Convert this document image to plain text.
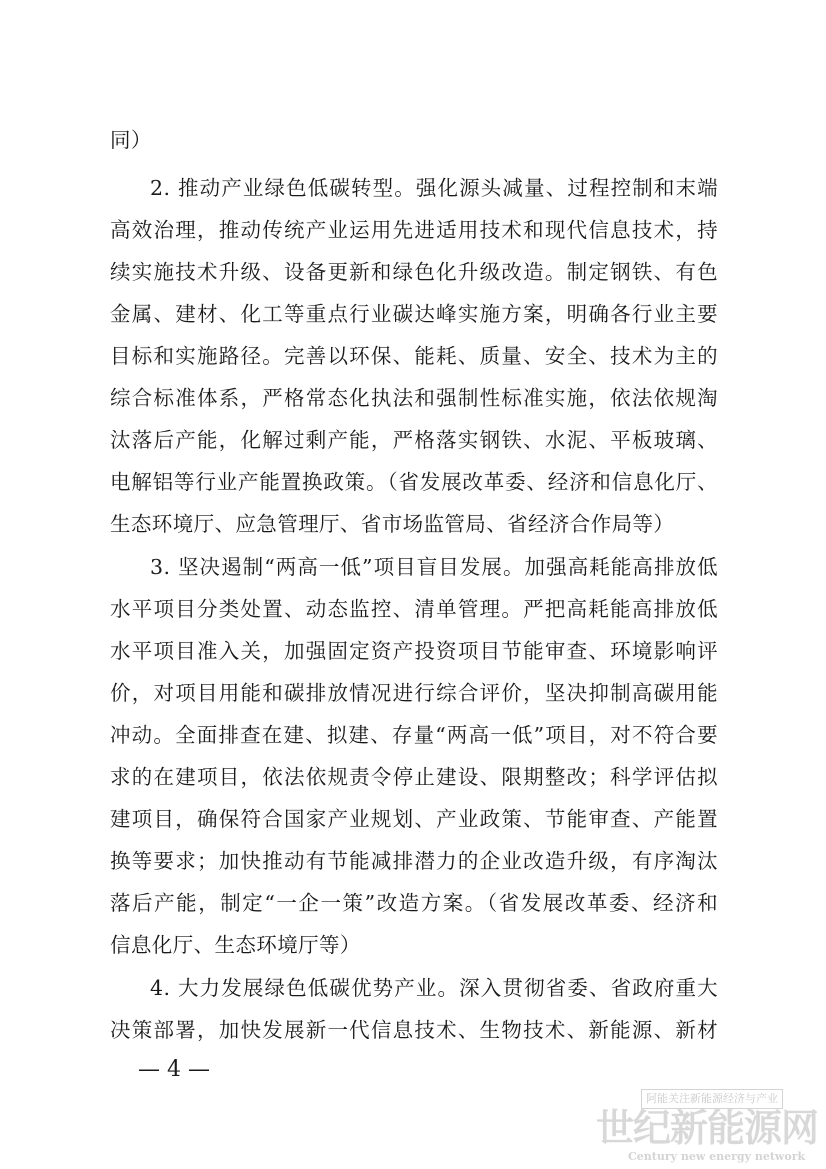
同）
2. 推动产业绿色低碳转型。强化源头减量、过程控制和末端
高效治理，推动传统产业运用先进适用技术和现代信息技术，持
续实施技术升级、设备更新和绿色化升级改造。制定钢铁、有色
金属、建材、化工等重点行业碳达峰实施方案，明确各行业主要
目标和实施路径。完善以环保、能耗、质量、安全、技术为主的
综合标准体系，严格常态化执法和强制性标准实施，依法依规淘
汰落后产能，化解过剩产能，严格落实钢铁、水泥、平板玻璃、
电解铝等行业产能置换政策。（省发展改革委、经济和信息化厅、
生态环境厅、应急管理厅、省市场监管局、省经济合作局等）
3. 坚决遏制“两高一低”项目盲目发展。加强高耗能高排放低
水平项目分类处置、动态监控、清单管理。严把高耗能高排放低
水平项目准入关，加强固定资产投资项目节能审查、环境影响评
价，对项目用能和碳排放情况进行综合评价，坚决抑制高碳用能
冲动。全面排查在建、拟建、存量“两高一低”项目，对不符合要
求的在建项目，依法依规责令停止建设、限期整改；科学评估拟
建项目，确保符合国家产业规划、产业政策、节能审查、产能置
换等要求；加快推动有节能减排潜力的企业改造升级，有序淘汰
落后产能，制定“一企一策”改造方案。（省发展改革委、经济和
信息化厅、生态环境厅等）
4. 大力发展绿色低碳优势产业。深入贯彻省委、省政府重大
决策部署，加快发展新一代信息技术、生物技术、新能源、新材
— 4 —
阿能关注新能源经济与产业
世纪新能源网
Century new energy network
